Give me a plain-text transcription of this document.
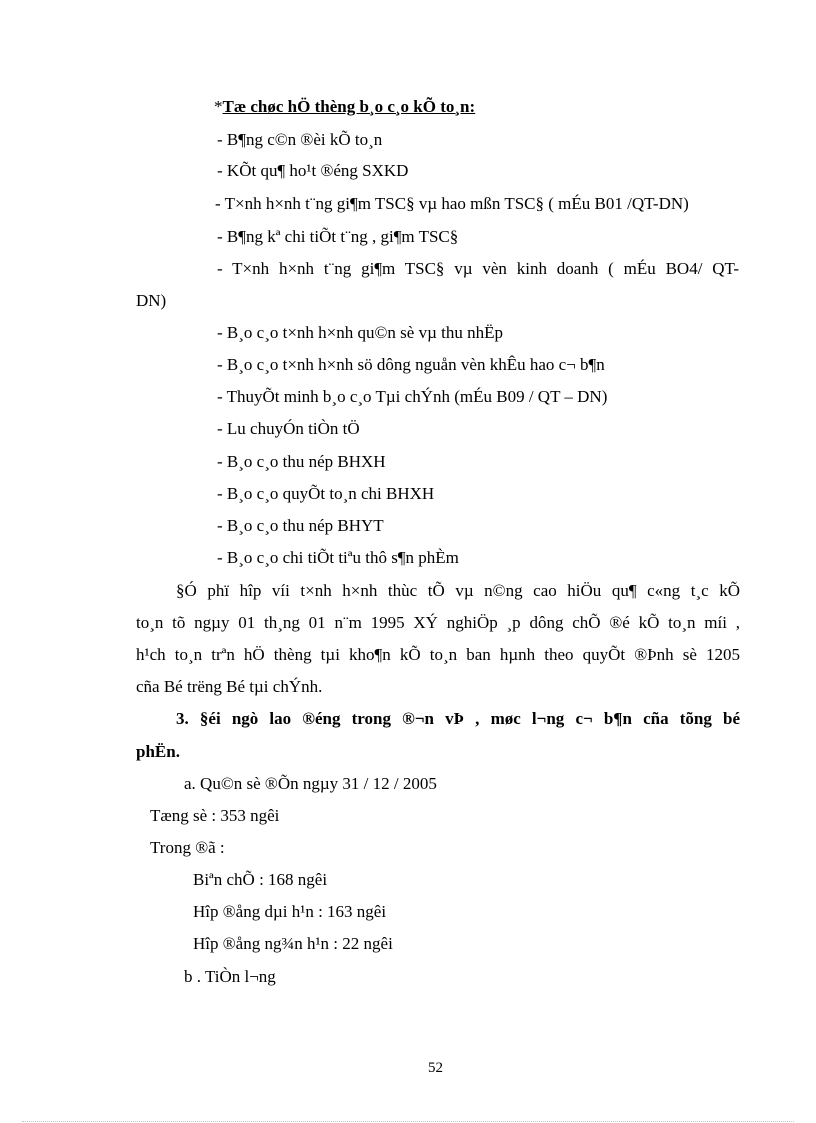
*Tæ chøc hÖ thèng b¸o c¸o kÕ to¸n:
- B¶ng c©n ®èi kÕ to¸n
- KÕt qu¶ ho¹t ®éng SXKD
- T×nh h×nh t¨ng gi¶m TSC§ vµ hao mßn TSC§ ( mÉu B01 /QT-DN)
- B¶ng kª chi tiÕt t¨ng , gi¶m TSC§
- T×nh h×nh t¨ng gi¶m TSC§ vµ vèn kinh doanh ( mÉu BO4/ QT-
DN)
- B¸o c¸o t×nh h×nh qu©n sè vµ thu nhËp
- B¸o c¸o t×nh h×nh sö dông nguån vèn khÊu hao c¬ b¶n
- ThuyÕt minh b¸o c¸o Tµi chÝnh (mÉu B09 / QT – DN)
- Lu chuyÓn tiÒn tÖ
- B¸o c¸o thu nép BHXH
- B¸o c¸o quyÕt to¸n chi BHXH
- B¸o c¸o thu nép BHYT
- B¸o c¸o chi tiÕt tiªu thô s¶n phÈm
§Ó phï hîp víi t×nh h×nh thùc tÕ vµ n©ng cao hiÖu qu¶ c«ng t¸c kÕ
to¸n tõ ngµy 01 th¸ng 01 n¨m 1995 XÝ nghiÖp ¸p dông chÕ ®é kÕ to¸n míi ,
h¹ch to¸n trªn hÖ thèng tµi kho¶n kÕ to¸n ban hµnh theo quyÕt ®Þnh sè 1205
cña Bé trëng Bé tµi chÝnh.
3. §éi ngò lao ®éng trong ®¬n vÞ , møc l¬ng c¬ b¶n cña tõng bé
phËn.
a. Qu©n sè ®Õn ngµy 31 / 12 / 2005
Tæng sè : 353 ngêi
Trong ®ã :
Biªn chÕ : 168 ngêi
Hîp ®ång dµi h¹n : 163 ngêi
Hîp ®ång ng¾n h¹n : 22 ngêi
b . TiÒn l¬ng
52
